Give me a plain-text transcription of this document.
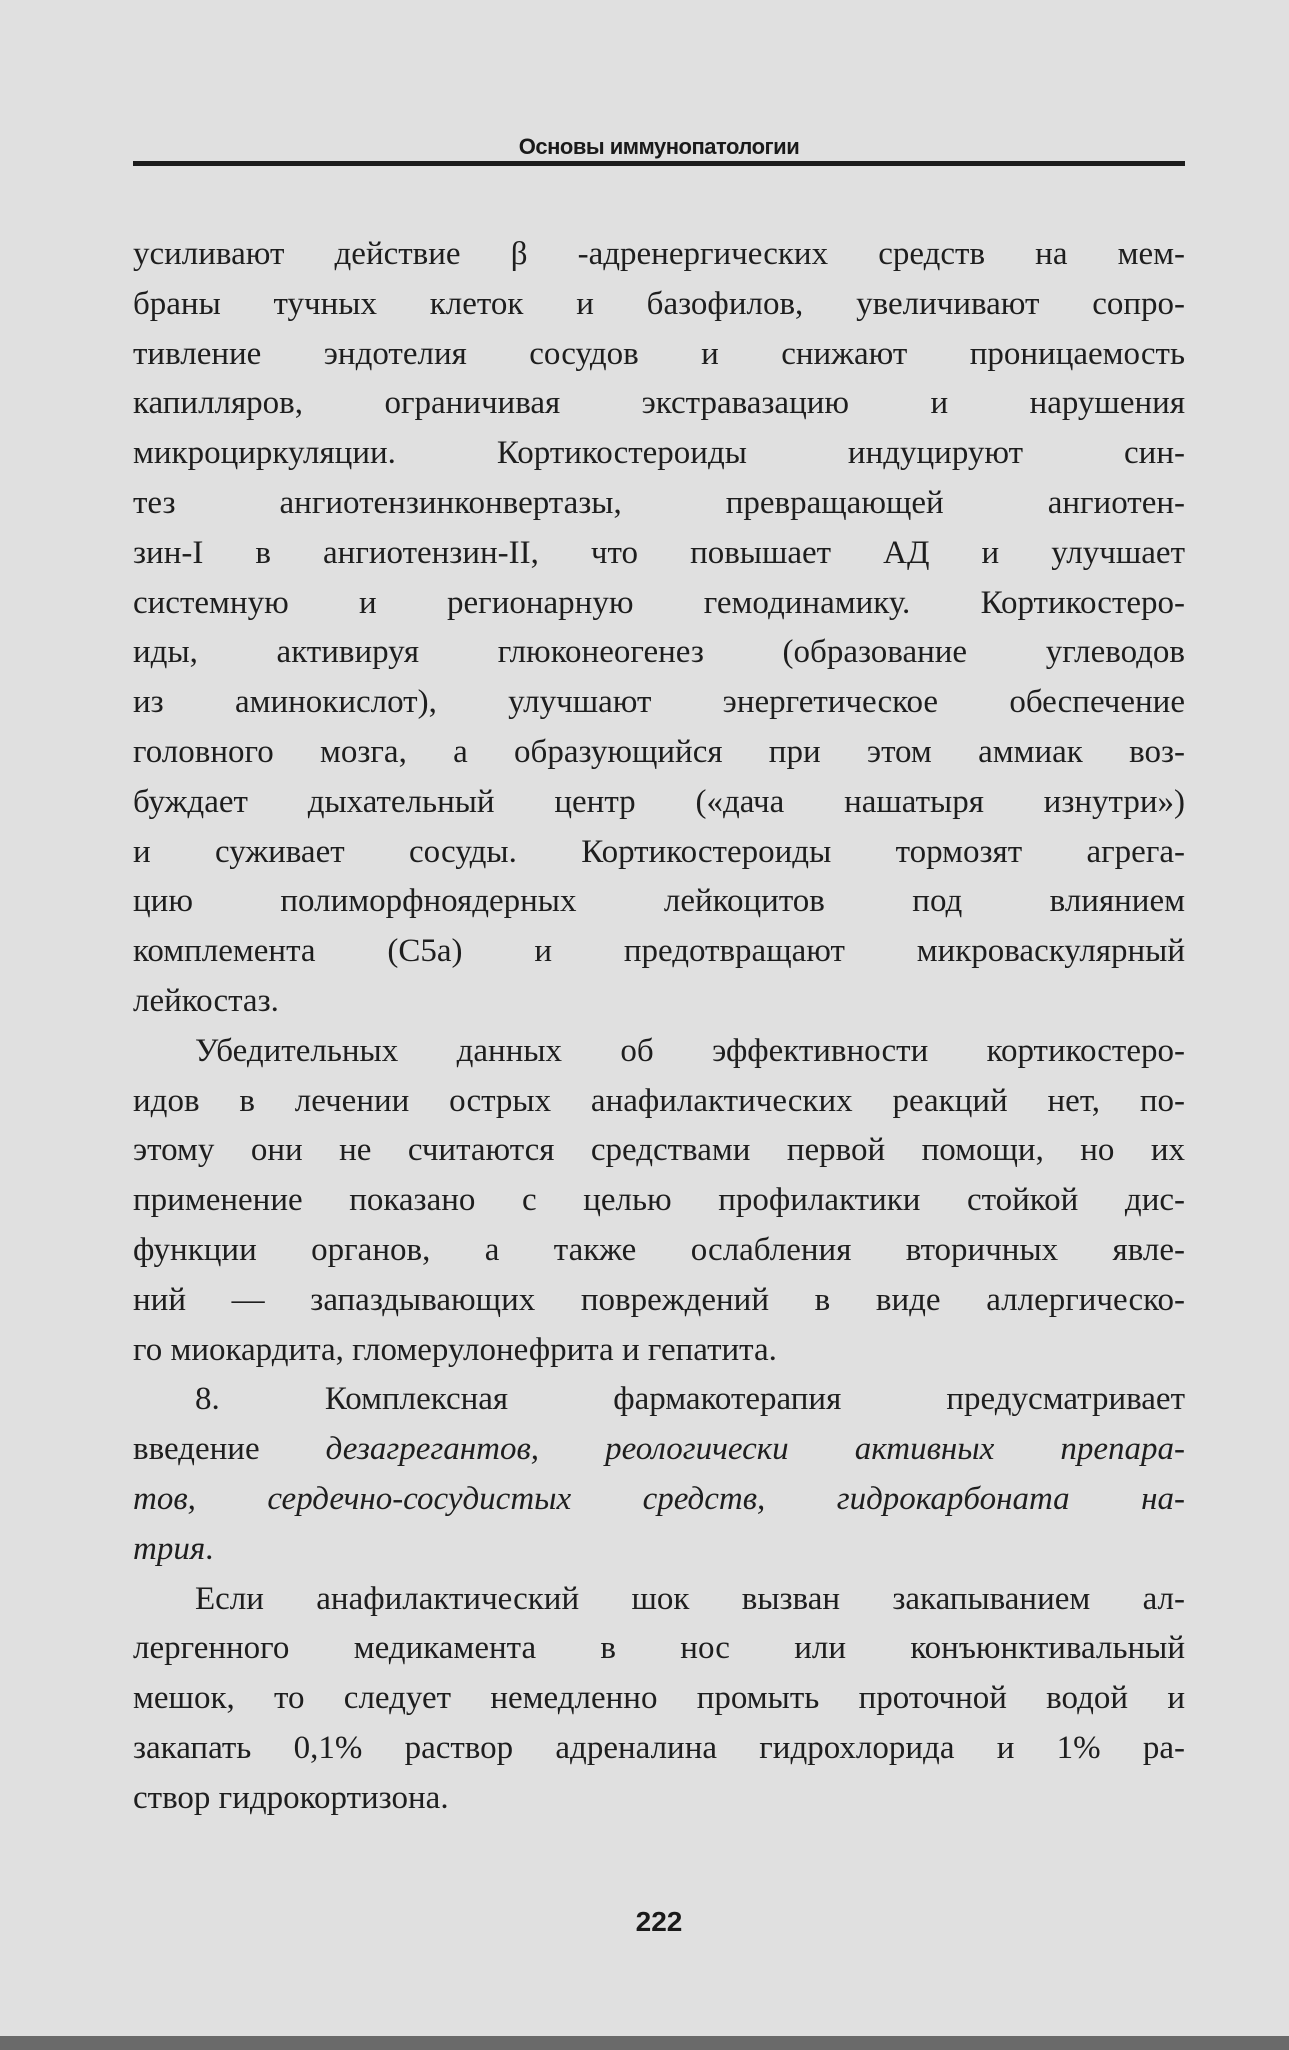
Основы иммунопатологии
усиливают действие β -адренергических средств на мем-
браны тучных клеток и базофилов, увеличивают сопро-
тивление эндотелия сосудов и снижают проницаемость
капилляров, ограничивая экстравазацию и нарушения
микроциркуляции. Кортикостероиды индуцируют син-
тез ангиотензинконвертазы, превращающей ангиотен-
зин-I в ангиотензин-II, что повышает АД и улучшает
системную и регионарную гемодинамику. Кортикостеро-
иды, активируя глюконеогенез (образование углеводов
из аминокислот), улучшают энергетическое обеспечение
головного мозга, а образующийся при этом аммиак воз-
буждает дыхательный центр («дача нашатыря изнутри»)
и суживает сосуды. Кортикостероиды тормозят агрега-
цию полиморфноядерных лейкоцитов под влиянием
комплемента (С5а) и предотвращают микроваскулярный
лейкостаз.
Убедительных данных об эффективности кортикостеро-
идов в лечении острых анафилактических реакций нет, по-
этому они не считаются средствами первой помощи, но их
применение показано с целью профилактики стойкой дис-
функции органов, а также ослабления вторичных явле-
ний — запаздывающих повреждений в виде аллергическо-
го миокардита, гломерулонефрита и гепатита.
8. Комплексная фармакотерапия предусматривает
введение дезагрегантов, реологически активных препара-
тов, сердечно-сосудистых средств, гидрокарбоната на-
трия.
Если анафилактический шок вызван закапыванием ал-
лергенного медикамента в нос или конъюнктивальный
мешок, то следует немедленно промыть проточной водой и
закапать 0,1% раствор адреналина гидрохлорида и 1% ра-
створ гидрокортизона.
222
